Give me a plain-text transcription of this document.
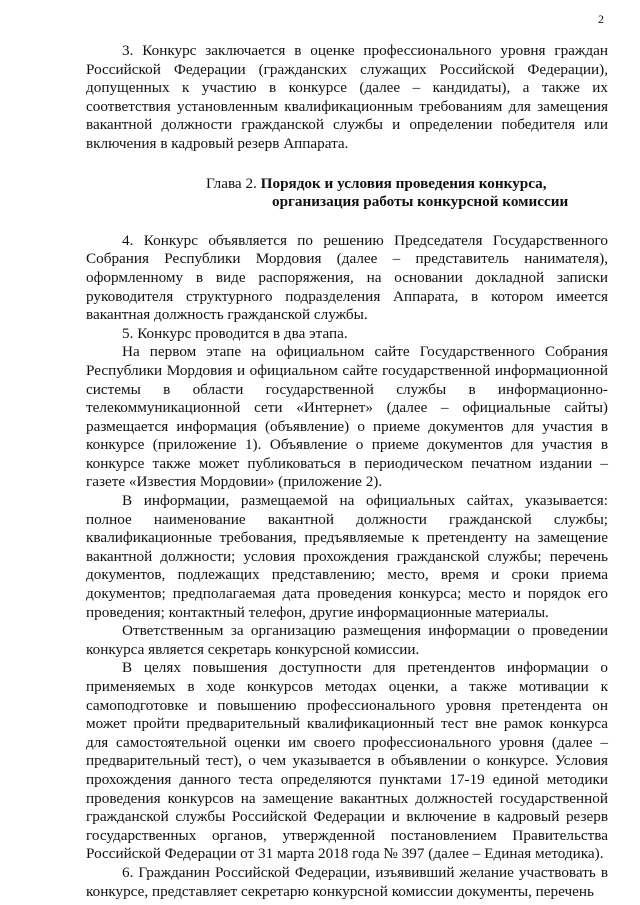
2

3. Конкурс заключается в оценке профессионального уровня граждан Российской Федерации (гражданских служащих Российской Федерации), допущенных к участию в конкурсе (далее – кандидаты), а также их соответствия установленным квалификационным требованиям для замещения вакантной должности гражданской службы и определении победителя или включения в кадровый резерв Аппарата.

Глава 2. Порядок и условия проведения конкурса,
организация работы конкурсной комиссии

4. Конкурс объявляется по решению Председателя Государственного Собрания Республики Мордовия (далее – представитель нанимателя), оформленному в виде распоряжения, на основании докладной записки руководителя структурного подразделения Аппарата, в котором имеется вакантная должность гражданской службы.

5. Конкурс проводится в два этапа.

На первом этапе на официальном сайте Государственного Собрания Республики Мордовия и официальном сайте государственной информационной системы в области государственной службы в информационно-телекоммуникационной сети «Интернет» (далее – официальные сайты) размещается информация (объявление) о приеме документов для участия в конкурсе (приложение 1). Объявление о приеме документов для участия в конкурсе также может публиковаться в периодическом печатном издании – газете «Известия Мордовии» (приложение 2).

В информации, размещаемой на официальных сайтах, указывается: полное наименование вакантной должности гражданской службы; квалификационные требования, предъявляемые к претенденту на замещение вакантной должности; условия прохождения гражданской службы; перечень документов, подлежащих представлению; место, время и сроки приема документов; предполагаемая дата проведения конкурса; место и порядок его проведения; контактный телефон, другие информационные материалы.

Ответственным за организацию размещения информации о проведении конкурса является секретарь конкурсной комиссии.

В целях повышения доступности для претендентов информации о применяемых в ходе конкурсов методах оценки, а также мотивации к самоподготовке и повышению профессионального уровня претендента он может пройти предварительный квалификационный тест вне рамок конкурса для самостоятельной оценки им своего профессионального уровня (далее – предварительный тест), о чем указывается в объявлении о конкурсе. Условия прохождения данного теста определяются пунктами 17-19 единой методики проведения конкурсов на замещение вакантных должностей государственной гражданской службы Российской Федерации и включение в кадровый резерв государственных органов, утвержденной постановлением Правительства Российской Федерации от 31 марта 2018 года № 397 (далее – Единая методика).

6. Гражданин Российской Федерации, изъявивший желание участвовать в конкурсе, представляет секретарю конкурсной комиссии документы, перечень
